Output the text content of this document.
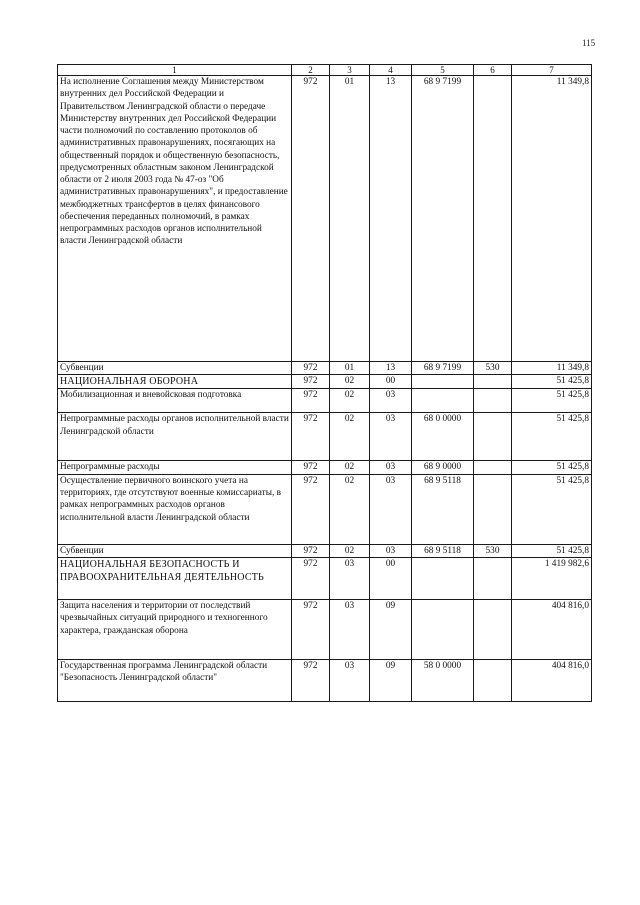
115
1	2	3	4	5	6	7
На исполнение Соглашения между Министерством внутренних дел Российской Федерации и Правительством Ленинградской области о передаче Министерству внутренних дел Российской Федерации части полномочий по составлению протоколов об административных правонарушениях, посягающих на общественный порядок и общественную безопасность, предусмотренных областным законом Ленинградской области от 2 июля 2003 года № 47-оз "Об административных правонарушениях", и предоставление межбюджетных трансфертов в целях финансового обеспечения переданных полномочий, в рамках непрограммных расходов органов исполнительной власти Ленинградской области	972	01	13	68 9 7199		11 349,8
Субвенции	972	01	13	68 9 7199	530	11 349,8
НАЦИОНАЛЬНАЯ ОБОРОНА	972	02	00			51 425,8
Мобилизационная и вневойсковая подготовка	972	02	03			51 425,8
Непрограммные расходы органов исполнительной власти Ленинградской области	972	02	03	68 0 0000		51 425,8
Непрограммные расходы	972	02	03	68 9 0000		51 425,8
Осуществление первичного воинского учета на территориях, где отсутствуют военные комиссариаты, в рамках непрограммных расходов органов исполнительной власти Ленинградской области	972	02	03	68 9 5118		51 425,8
Субвенции	972	02	03	68 9 5118	530	51 425,8
НАЦИОНАЛЬНАЯ БЕЗОПАСНОСТЬ И ПРАВООХРАНИТЕЛЬНАЯ ДЕЯТЕЛЬНОСТЬ	972	03	00			1 419 982,6
Защита населения и территории от последствий чрезвычайных ситуаций природного и техногенного характера, гражданская оборона	972	03	09			404 816,0
Государственная программа Ленинградской области "Безопасность Ленинградской области"	972	03	09	58 0 0000		404 816,0
